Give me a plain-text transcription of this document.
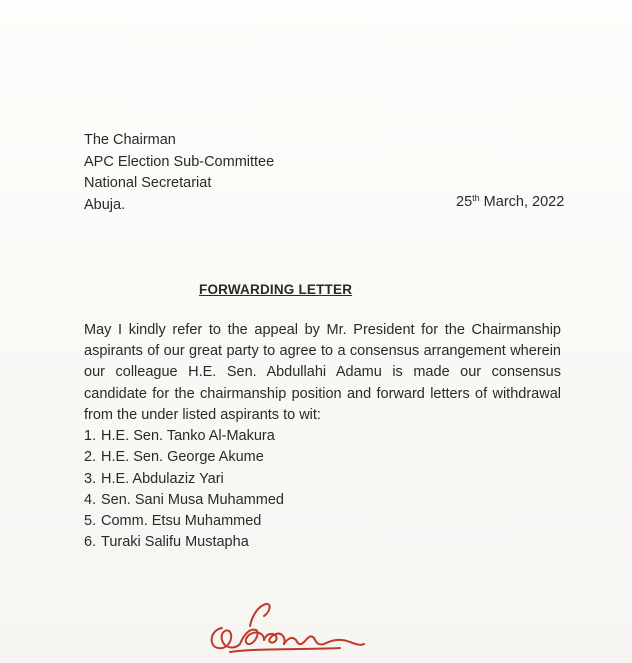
The Chairman
APC Election Sub-Committee
National Secretariat
Abuja.	25th March, 2022
FORWARDING LETTER
May I kindly refer to the appeal by Mr. President for the Chairmanship aspirants of our great party to agree to a consensus arrangement wherein our colleague H.E. Sen. Abdullahi Adamu is made our consensus candidate for the chairmanship position and forward letters of withdrawal from the under listed aspirants to wit:
1. H.E. Sen. Tanko Al-Makura
2. H.E. Sen. George Akume
3. H.E. Abdulaziz Yari
4. Sen. Sani Musa Muhammed
5. Comm. Etsu Muhammed
6. Turaki Salifu Mustapha
